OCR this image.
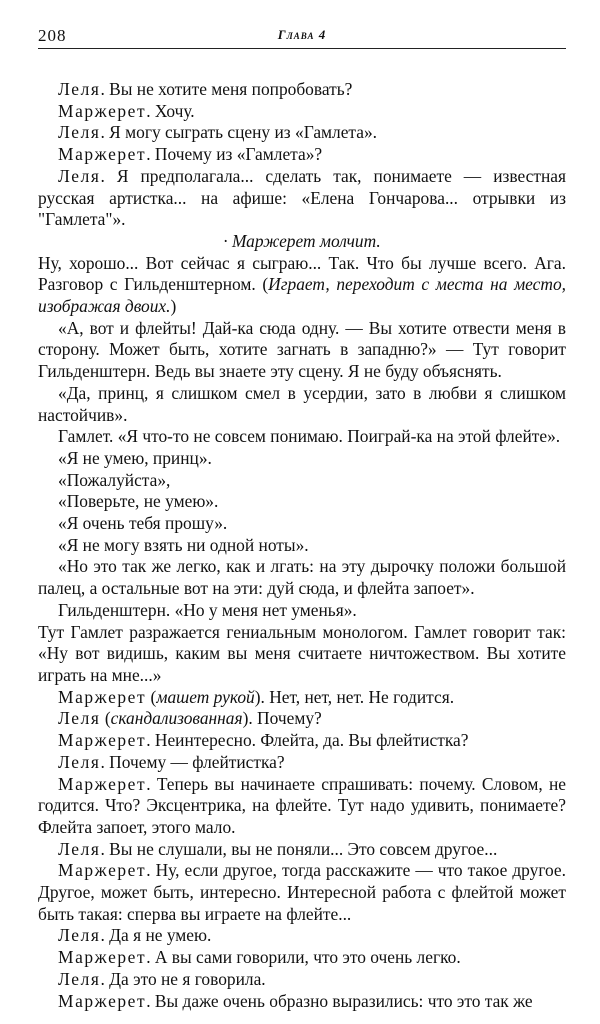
208	Глава 4
Леля. Вы не хотите меня попробовать?
Маржерет. Хочу.
Леля. Я могу сыграть сцену из «Гамлета».
Маржерет. Почему из «Гамлета»?
Леля. Я предполагала... сделать так, понимаете — известная русская артистка... на афише: «Елена Гончарова... отрывки из "Гамлета"».
· Маржерет молчит.
Ну, хорошо... Вот сейчас я сыграю... Так. Что бы лучше всего. Ага. Разговор с Гильденштерном. (Играет, переходит с места на место, изображая двоих.)
«А, вот и флейты! Дай-ка сюда одну. — Вы хотите отвести меня в сторону. Может быть, хотите загнать в западню?» — Тут говорит Гильденштерн. Ведь вы знаете эту сцену. Я не буду объяснять.
«Да, принц, я слишком смел в усердии, зато в любви я слишком настойчив».
Гамлет. «Я что-то не совсем понимаю. Поиграй-ка на этой флейте».
«Я не умею, принц».
«Пожалуйста»,
«Поверьте, не умею».
«Я очень тебя прошу».
«Я не могу взять ни одной ноты».
«Но это так же легко, как и лгать: на эту дырочку положи большой палец, а остальные вот на эти: дуй сюда, и флейта запоет».
Гильденштерн. «Но у меня нет уменья».
Тут Гамлет разражается гениальным монологом. Гамлет говорит так: «Ну вот видишь, каким вы меня считаете ничтожеством. Вы хотите играть на мне...»
Маржерет (машет рукой). Нет, нет, нет. Не годится.
Леля (скандализованная). Почему?
Маржерет. Неинтересно. Флейта, да. Вы флейтистка?
Леля. Почему — флейтистка?
Маржерет. Теперь вы начинаете спрашивать: почему. Словом, не годится. Что? Эксцентрика, на флейте. Тут надо удивить, понимаете? Флейта запоет, этого мало.
Леля. Вы не слушали, вы не поняли... Это совсем другое...
Маржерет. Ну, если другое, тогда расскажите — что такое другое. Другое, может быть, интересно. Интересной работа с флейтой может быть такая: сперва вы играете на флейте...
Леля. Да я не умею.
Маржерет. А вы сами говорили, что это очень легко.
Леля. Да это не я говорила.
Маржерет. Вы даже очень образно выразились: что это так же
